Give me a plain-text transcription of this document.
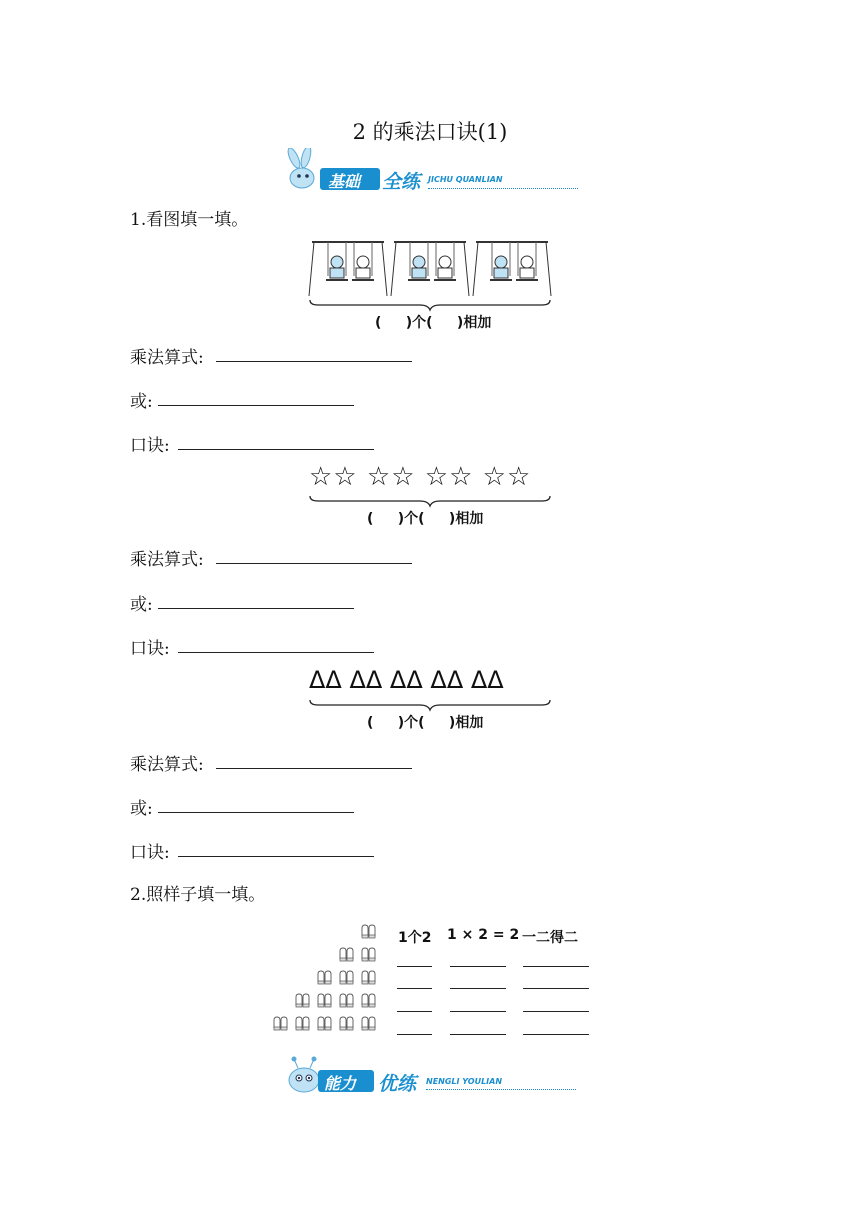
2 的乘法口诀(1)
基础 全练 JICHU QUANLIAN
1.看图填一填。
(     )个(     )相加
乘法算式:
或:
口诀:
☆☆ ☆☆ ☆☆ ☆☆
(     )个(     )相加
乘法算式:
或:
口诀:
ΔΔ ΔΔ ΔΔ ΔΔ ΔΔ
(     )个(     )相加
乘法算式:
或:
口诀:
2.照样子填一填。
1个2 1 × 2 = 2 一二得二
能力 优练 NENGLI YOULIAN
